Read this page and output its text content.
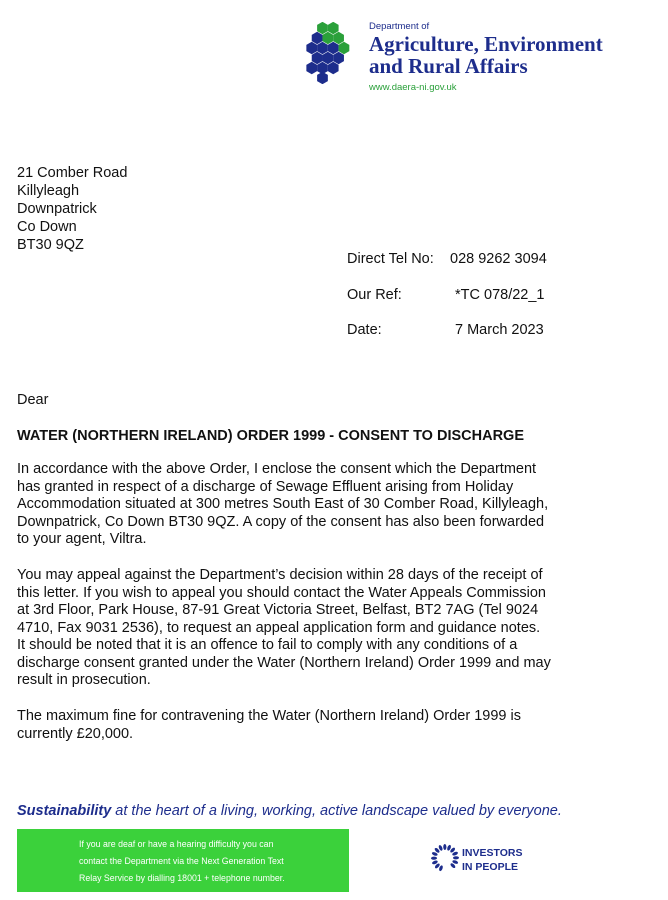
Department of
Agriculture, Environment
and Rural Affairs
www.daera-ni.gov.uk
21 Comber Road
Killyleagh
Downpatrick
Co Down
BT30 9QZ
Direct Tel No: 028 9262 3094
Our Ref:	*TC 078/22_1
Date:	7 March 2023
Dear
WATER (NORTHERN IRELAND) ORDER 1999 - CONSENT TO DISCHARGE
In accordance with the above Order, I enclose the consent which the Department
has granted in respect of a discharge of Sewage Effluent arising from Holiday
Accommodation situated at 300 metres South East of 30 Comber Road, Killyleagh,
Downpatrick, Co Down BT30 9QZ. A copy of the consent has also been forwarded
to your agent, Viltra.
You may appeal against the Department’s decision within 28 days of the receipt of
this letter. If you wish to appeal you should contact the Water Appeals Commission
at 3rd Floor, Park House, 87-91 Great Victoria Street, Belfast, BT2 7AG (Tel 9024
4710, Fax 9031 2536), to request an appeal application form and guidance notes.
It should be noted that it is an offence to fail to comply with any conditions of a
discharge consent granted under the Water (Northern Ireland) Order 1999 and may
result in prosecution.
The maximum fine for contravening the Water (Northern Ireland) Order 1999 is
currently £20,000.
Sustainability at the heart of a living, working, active landscape valued by everyone.
If you are deaf or have a hearing difficulty you can
contact the Department via the Next Generation Text
Relay Service by dialling 18001 + telephone number.
INVESTORS
IN PEOPLE
